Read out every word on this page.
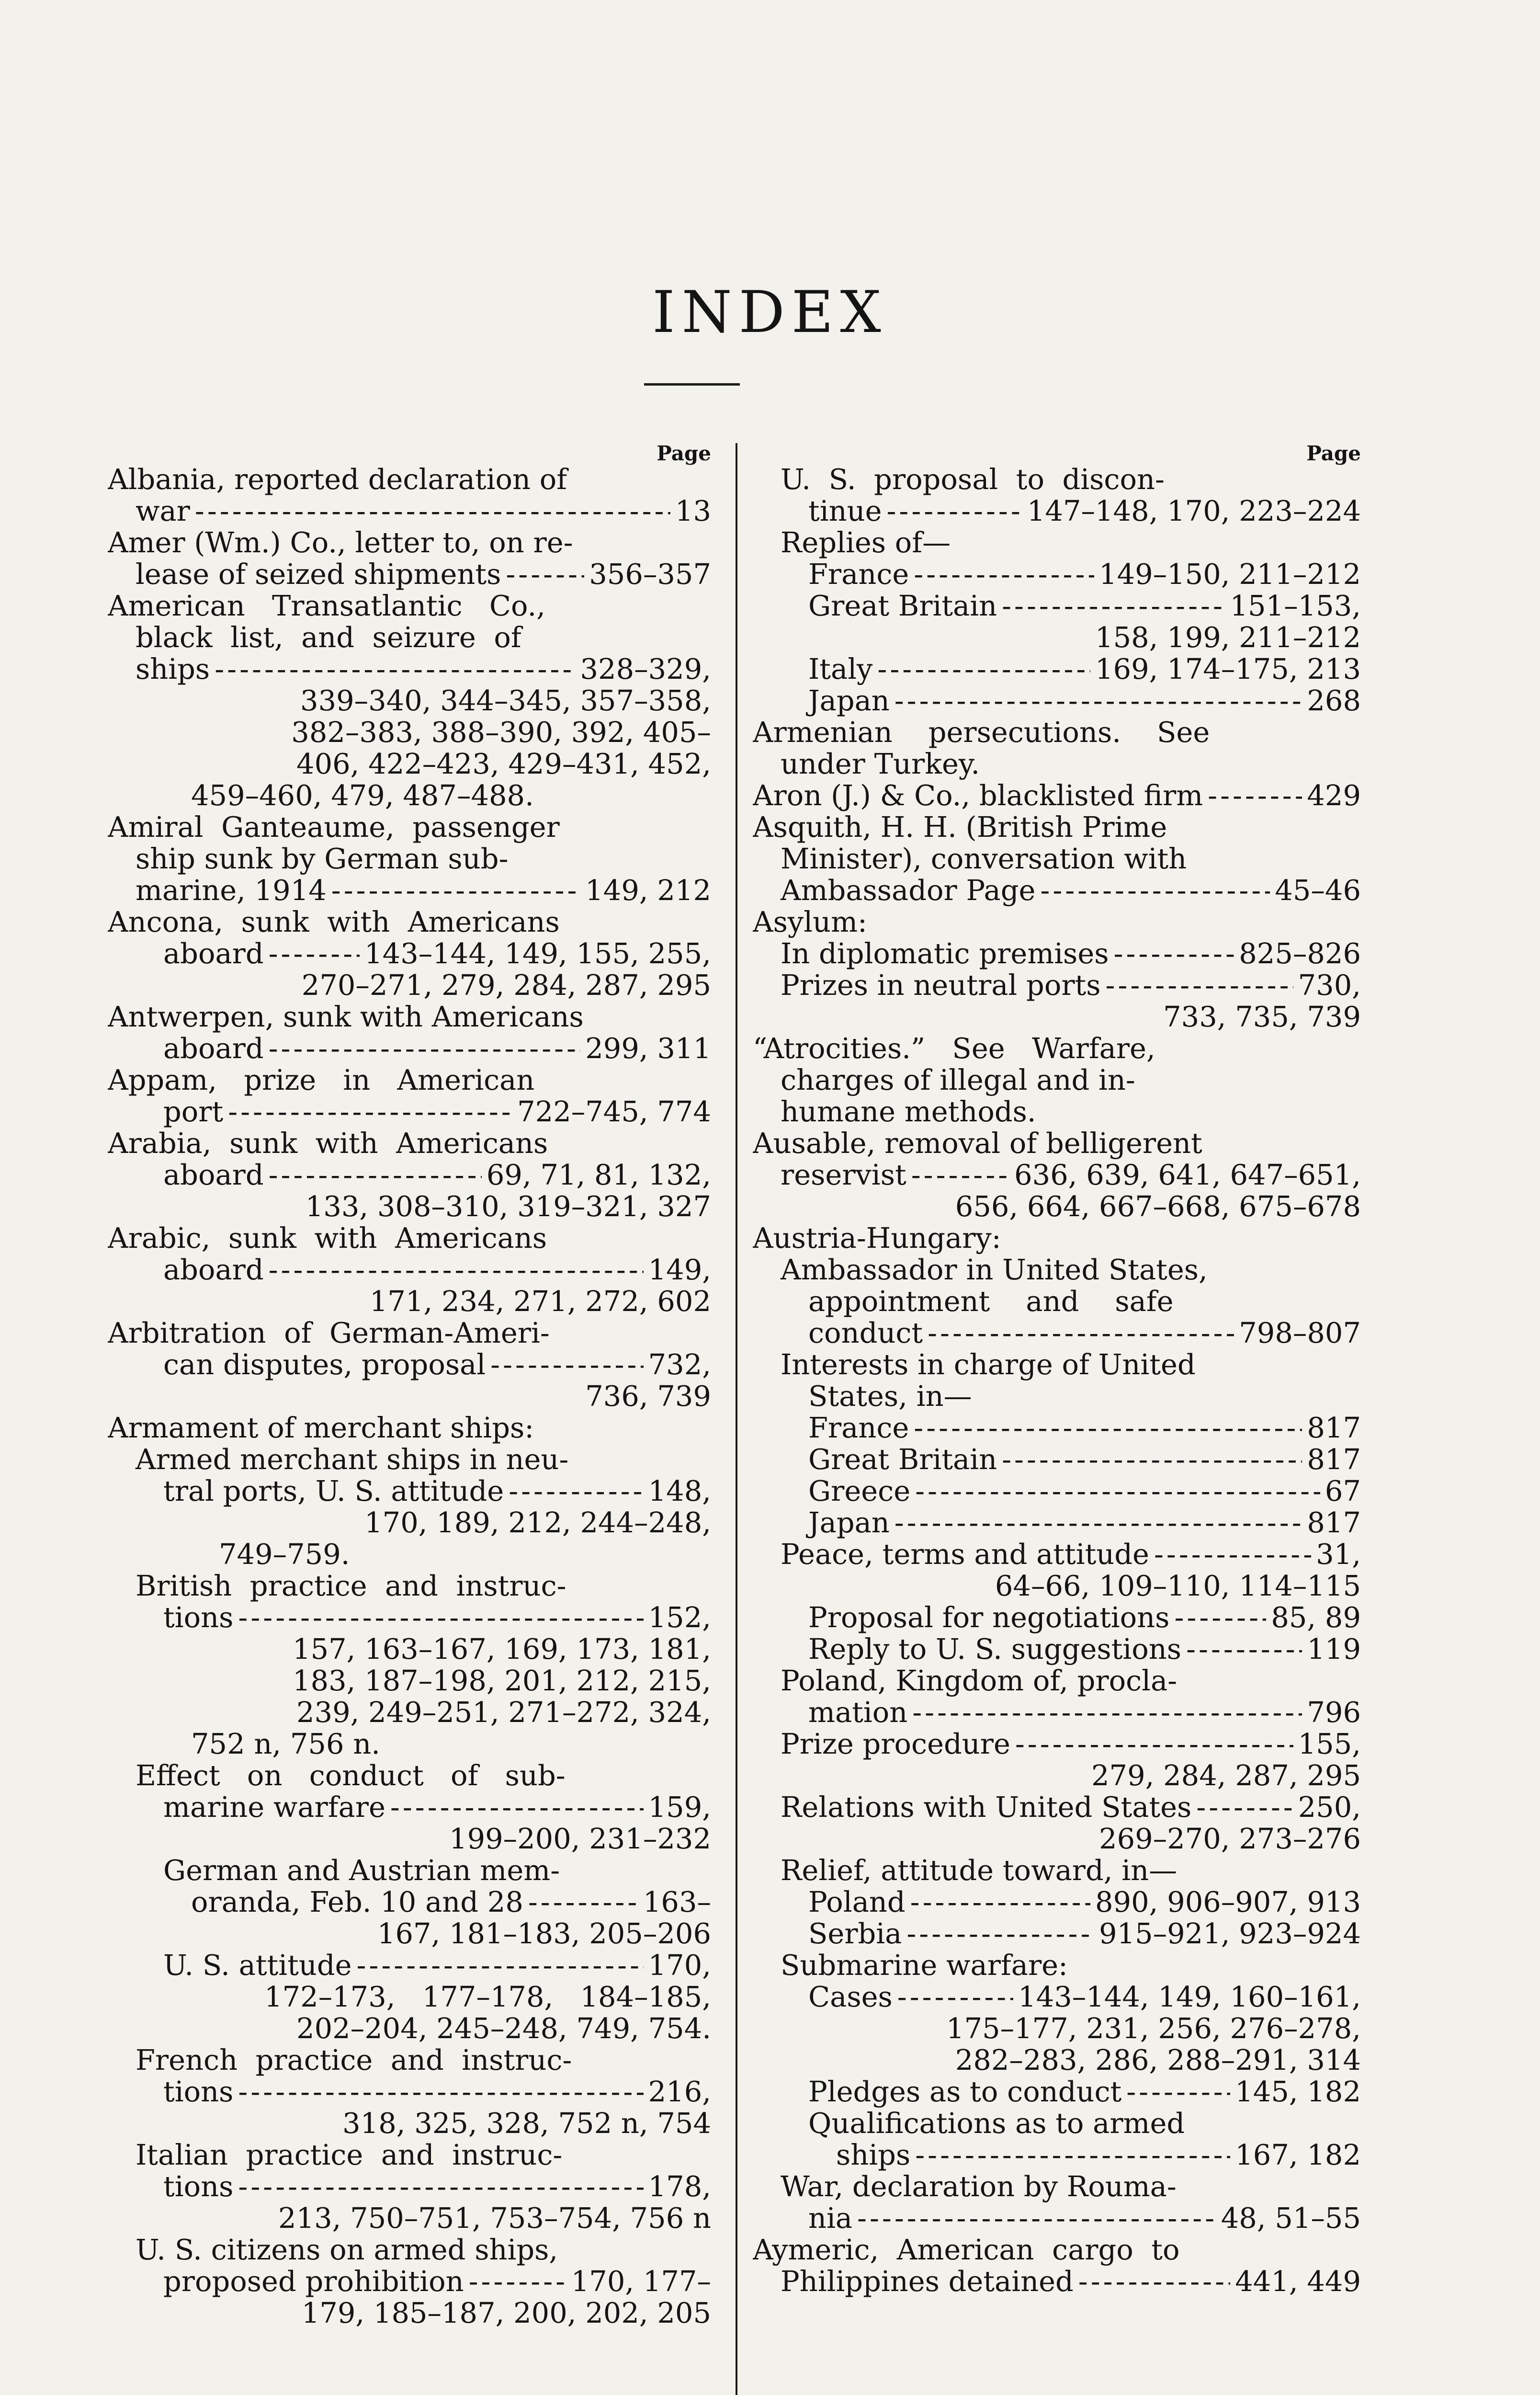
INDEX
Page
Albania, reported declaration of
war -----	13
Amer (Wm.) Co., letter to, on re-
lease of seized shipments -----	356–357
American   Transatlantic   Co.,
black  list,  and  seizure  of
ships -----	328–329,
339–340, 344–345, 357–358,
382–383, 388–390, 392, 405–
406, 422–423, 429–431, 452,
459–460, 479, 487–488.
Amiral  Ganteaume,  passenger
ship sunk by German sub-
marine, 1914 -----	149, 212
Ancona,  sunk  with  Americans
aboard -----	143–144, 149, 155, 255,
270–271, 279, 284, 287, 295
Antwerpen, sunk with Americans
aboard -----	299, 311
Appam,   prize   in   American
port -----	722–745, 774
Arabia,  sunk  with  Americans
aboard -----	69, 71, 81, 132,
133, 308–310, 319–321, 327
Arabic,  sunk  with  Americans
aboard -----	149,
171, 234, 271, 272, 602
Arbitration  of  German-Ameri-
can disputes, proposal -----	732,
736, 739
Armament of merchant ships:
Armed merchant ships in neu-
tral ports, U. S. attitude -----	148,
170, 189, 212, 244–248,
749–759.
British  practice  and  instruc-
tions -----	152,
157, 163–167, 169, 173, 181,
183, 187–198, 201, 212, 215,
239, 249–251, 271–272, 324,
752 n, 756 n.
Effect   on   conduct   of   sub-
marine warfare -----	159,
199–200, 231–232
German and Austrian mem-
oranda, Feb. 10 and 28 -----	163–
167, 181–183, 205–206
U. S. attitude -----	170,
172–173,   177–178,   184–185,
202–204, 245–248, 749, 754.
French  practice  and  instruc-
tions -----	216,
318, 325, 328, 752 n, 754
Italian  practice  and  instruc-
tions -----	178,
213, 750–751, 753–754, 756 n
U. S. citizens on armed ships,
proposed prohibition -----	170, 177–
179, 185–187, 200, 202, 205
Page
U.  S.  proposal  to  discon-
tinue -----	147–148, 170, 223–224
Replies of—
France -----	149–150, 211–212
Great Britain -----	151–153,
158, 199, 211–212
Italy -----	169, 174–175, 213
Japan -----	268
Armenian    persecutions.    See
under Turkey.
Aron (J.) & Co., blacklisted firm -----	429
Asquith, H. H. (British Prime
Minister), conversation with
Ambassador Page -----	45–46
Asylum:
In diplomatic premises -----	825–826
Prizes in neutral ports -----	730,
733, 735, 739
“Atrocities.”   See   Warfare,
charges of illegal and in-
humane methods.
Ausable, removal of belligerent
reservist -----	636, 639, 641, 647–651,
656, 664, 667–668, 675–678
Austria-Hungary:
Ambassador in United States,
appointment    and    safe
conduct -----	798–807
Interests in charge of United
States, in—
France -----	817
Great Britain -----	817
Greece -----	67
Japan -----	817
Peace, terms and attitude -----	31,
64–66, 109–110, 114–115
Proposal for negotiations -----	85, 89
Reply to U. S. suggestions -----	119
Poland, Kingdom of, procla-
mation -----	796
Prize procedure -----	155,
279, 284, 287, 295
Relations with United States -----	250,
269–270, 273–276
Relief, attitude toward, in—
Poland -----	890, 906–907, 913
Serbia -----	915–921, 923–924
Submarine warfare:
Cases -----	143–144, 149, 160–161,
175–177, 231, 256, 276–278,
282–283, 286, 288–291, 314
Pledges as to conduct -----	145, 182
Qualifications as to armed
ships -----	167, 182
War, declaration by Rouma-
nia -----	48, 51–55
Aymeric,  American  cargo  to
Philippines detained -----	441, 449
